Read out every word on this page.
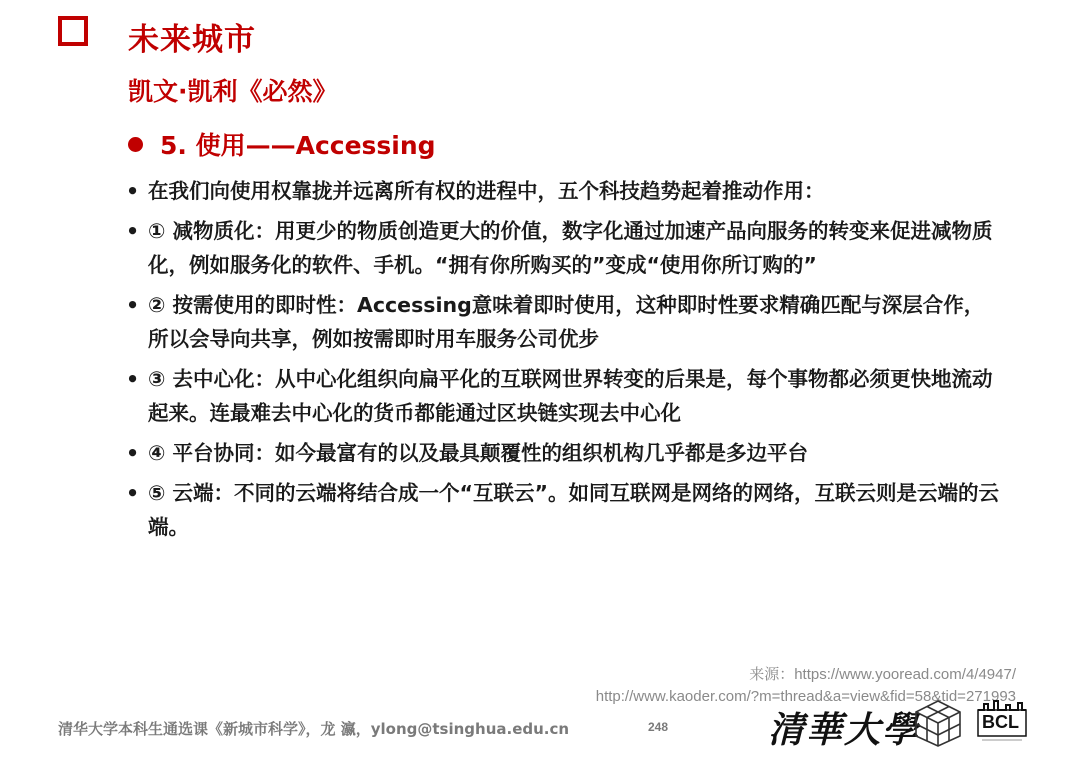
未来城市
凯文·凯利《必然》
5. 使用——Accessing
• 在我们向使用权靠拢并远离所有权的进程中，五个科技趋势起着推动作用：
• ① 减物质化：用更少的物质创造更大的价值，数字化通过加速产品向服务的转变来促进减物质化，例如服务化的软件、手机。“拥有你所购买的”变成“使用你所订购的”
• ② 按需使用的即时性：Accessing意味着即时使用，这种即时性要求精确匹配与深层合作，所以会导向共享，例如按需即时用车服务公司优步
• ③ 去中心化：从中心化组织向扁平化的互联网世界转变的后果是，每个事物都必须更快地流动起来。连最难去中心化的货币都能通过区块链实现去中心化
• ④ 平台协同：如今最富有的以及最具颠覆性的组织机构几乎都是多边平台
• ⑤ 云端：不同的云端将结合成一个“互联云”。如同互联网是网络的网络，互联云则是云端的云端。
来源：https://www.yooread.com/4/4947/
http://www.kaoder.com/?m=thread&a=view&fid=58&tid=271993
清华大学本科生通选课《新城市科学》，龙 瀛，ylong@tsinghua.edu.cn	248	清華大學	BCL
